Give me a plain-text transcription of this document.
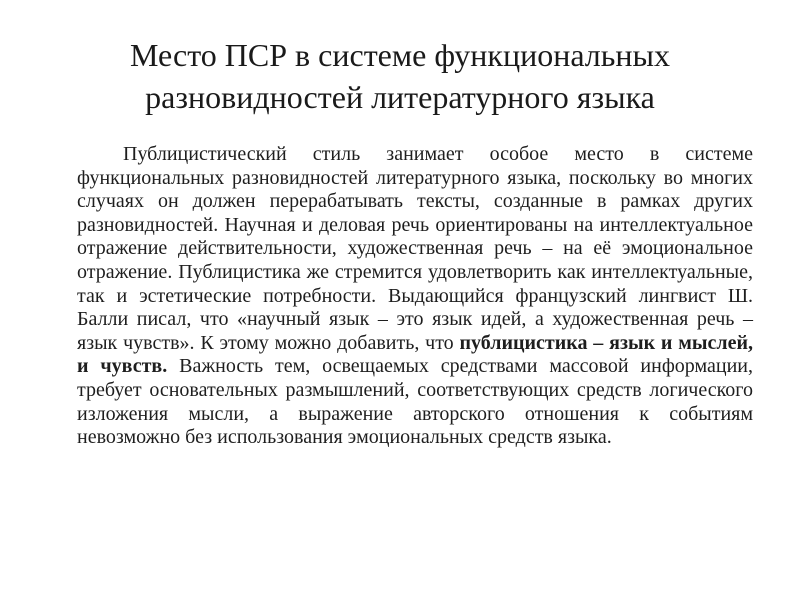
Место ПСР в системе функциональных
разновидностей литературного языка

Публицистический стиль занимает особое место в системе функциональных разновидностей литературного языка, поскольку во многих случаях он должен перерабатывать тексты, созданные в рамках других разновидностей. Научная и деловая речь ориентированы на интеллектуальное отражение действительности, художественная речь – на её эмоциональное отражение. Публицистика же стремится удовлетворить как интеллектуальные, так и эстетические потребности. Выдающийся французский лингвист Ш. Балли писал, что «научный язык – это язык идей, а художественная речь – язык чувств». К этому можно добавить, что публицистика – язык и мыслей, и чувств. Важность тем, освещаемых средствами массовой информации, требует основательных размышлений, соответствующих средств логического изложения мысли, а выражение авторского отношения к событиям невозможно без использования эмоциональных средств языка.
